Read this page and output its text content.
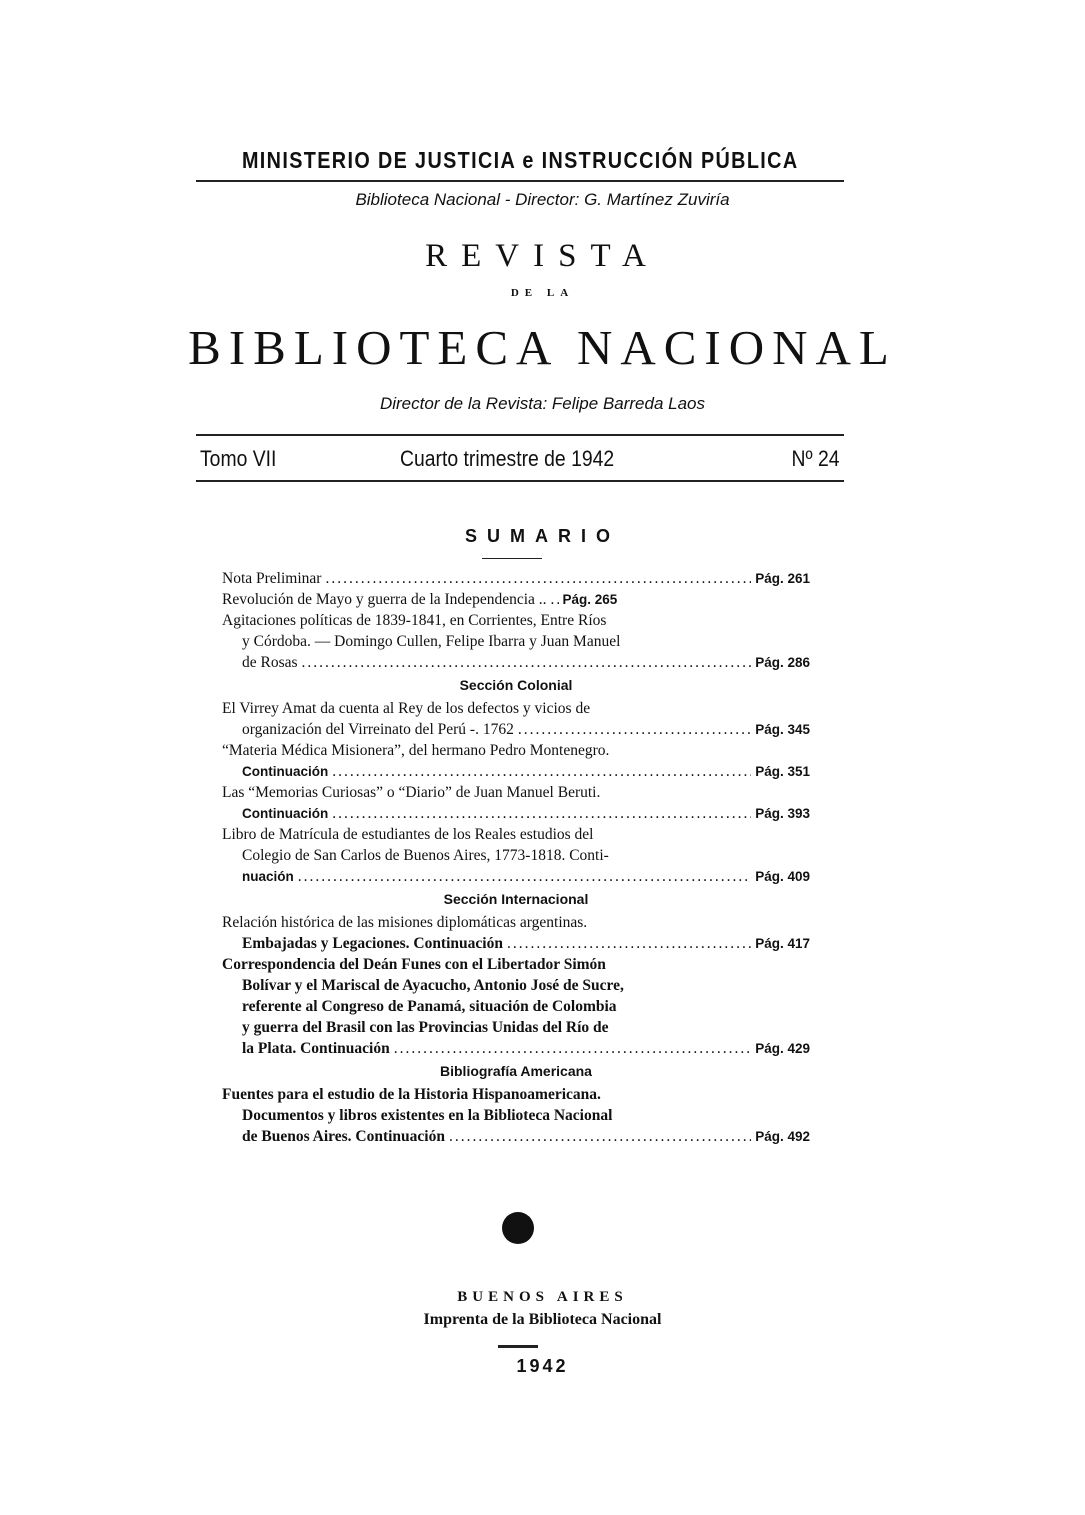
MINISTERIO DE JUSTICIA e INSTRUCCIÓN PÚBLICA
Biblioteca Nacional - Director: G. Martínez Zuviría
REVISTA
DE LA
BIBLIOTECA NACIONAL
Director de la Revista: Felipe Barreda Laos
Tomo VII	Cuarto trimestre de 1942	Nº 24
SUMARIO
Nota Preliminar .....	Pág. 261
Revolución de Mayo y guerra de la Independencia .. ..... Pág. 265
Agitaciones políticas de 1839-1841, en Corrientes, Entre Ríos
y Córdoba. — Domingo Cullen, Felipe Ibarra y Juan Manuel
de Rosas .....	Pág. 286
Sección Colonial
El Virrey Amat da cuenta al Rey de los defectos y vicios de
organización del Virreinato del Perú -. 1762 .....	Pág. 345
“Materia Médica Misionera”, del hermano Pedro Montenegro.
Continuación .....	Pág. 351
Las “Memorias Curiosas” o “Diario” de Juan Manuel Beruti.
Continuación .....	Pág. 393
Libro de Matrícula de estudiantes de los Reales estudios del
Colegio de San Carlos de Buenos Aires, 1773-1818. Conti-
nuación .....	Pág. 409
Sección Internacional
Relación histórica de las misiones diplomáticas argentinas.
Embajadas y Legaciones. Continuación .....	Pág. 417
Correspondencia del Deán Funes con el Libertador Simón
Bolívar y el Mariscal de Ayacucho, Antonio José de Sucre,
referente al Congreso de Panamá, situación de Colombia
y guerra del Brasil con las Provincias Unidas del Río de
la Plata. Continuación .....	Pág. 429
Bibliografía Americana
Fuentes para el estudio de la Historia Hispanoamericana.
Documentos y libros existentes en la Biblioteca Nacional
de Buenos Aires. Continuación .....	Pág. 492
BUENOS AIRES
Imprenta de la Biblioteca Nacional
1942
